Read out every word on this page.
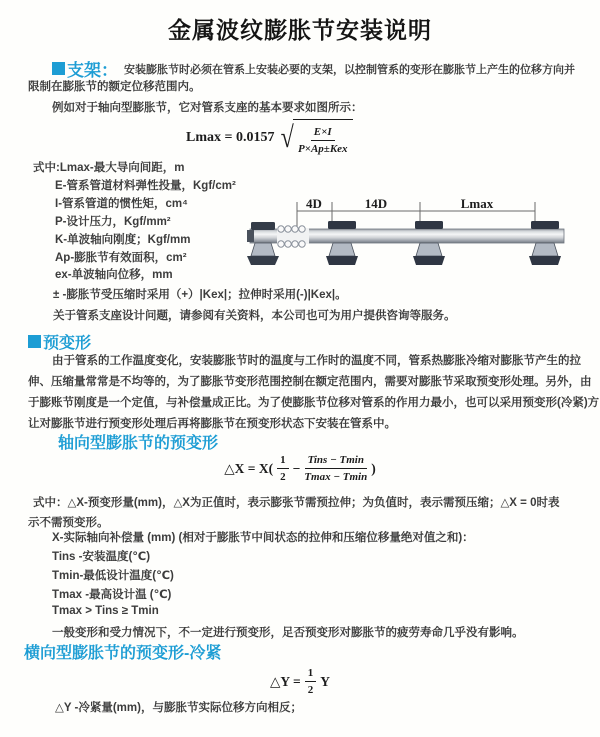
金属波纹膨胀节安装说明
支架： 安装膨胀节时必须在管系上安装必要的支架，以控制管系的变形在膨胀节上产生的位移方向并
限制在膨胀节的额定位移范围内。
例如对于轴向型膨胀节，它对管系支座的基本要求如图所示：
Lmax = 0.0157 √ $\frac{E\times I}{\text{P×Ap±Kex}}$
式中:Lmax-最大导向间距，m
E-管系管道材料弹性投量，Kgf/cm²
I-管系管道的惯性矩，cm⁴
P-设计压力，Kgf/mm²
K-单波轴向刚度；Kgf/mm
Ap-膨胀节有效面积，cm²
ex-单波轴向位移，mm
± -膨胀节受压缩时采用（+）|Kex|；拉伸时采用(-)|Kex|。
关于管系支座设计问题，请参阅有关资料，本公司也可为用户提供咨询等服务。
4D	14D	Lmax
预变形
由于管系的工作温度变化，安装膨胀节时的温度与工作时的温度不同，管系热膨胀冷缩对膨胀节产生的拉
伸、压缩量常常是不均等的，为了膨胀节变形范围控制在额定范围内，需要对膨胀节采取预变形处理。另外，由
于膨账节刚度是一个定值，与补偿量成正比。为了使膨胀节位移对管系的作用力最小，也可以采用预变形(冷紧)方
让对膨胀节进行预变形处理后再将膨胀节在预变形状态下安装在管系中。
轴向型膨胀节的预变形
△X = $X( \frac{1}{2} - \frac{\text{Tins − Tmin}}{Tmax - Tmin}$ )
式中：△X-预变形量(mm)，△X为正值时，表示膨张节需预拉伸；为负值时，表示需预压缩；△X = 0时表
示不需预变形。
X-实际轴向补偿量 (mm) (相对于膨胀节中间状态的拉伸和压缩位移量绝对值之和)：
Tins -安装温度(℃)
Tmin-最低设计温度(℃)
Tmax -最高设计温 (℃)
Tmax > Tins ≥ Tmin
一般变形和受力情况下，不一定进行预变形，足否预变形对膨胀节的疲劳寿命几乎没有影响。
横向型膨胀节的预变形-冷紧
△Y = $\frac{1}{2}$ Y
△Y -冷紧量(mm)，与膨胀节实际位移方向相反；
